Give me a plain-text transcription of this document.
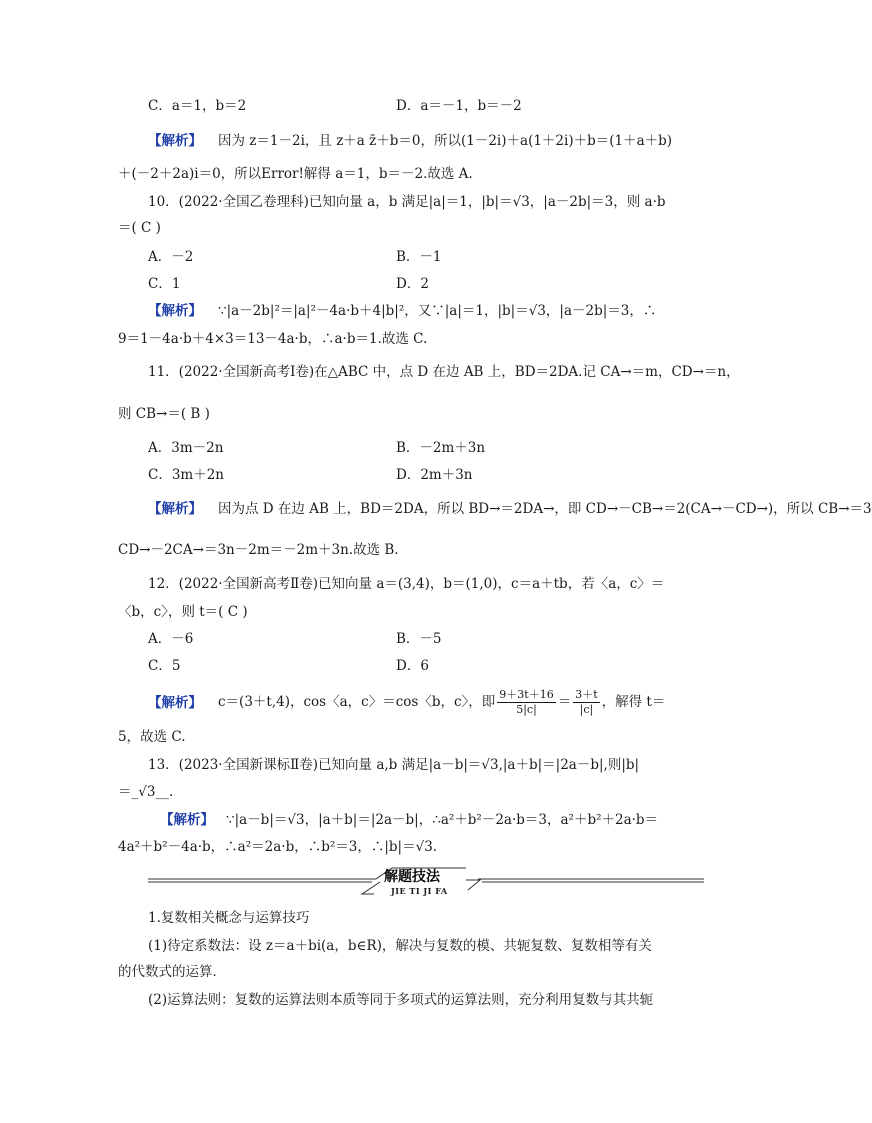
C．a＝1，b＝2	D．a＝－1，b＝－2
【解析】 因为 z＝1－2i，且 z＋a z̄＋b＝0，所以(1－2i)＋a(1＋2i)＋b＝(1＋a＋b)
＋(－2＋2a)i＝0，所以Error!解得 a＝1，b＝－2.故选 A.
10．(2022·全国乙卷理科)已知向量 a，b 满足|a|＝1，|b|＝√3，|a－2b|＝3，则 a·b
＝( C )
A．－2	B．－1
C．1	D．2
【解析】 ∵|a－2b|²＝|a|²－4a·b＋4|b|²，又∵|a|＝1，|b|＝√3，|a－2b|＝3，∴
9＝1－4a·b＋4×3＝13－4a·b，∴a·b＝1.故选 C.
11．(2022·全国新高考Ⅰ卷)在△ABC 中，点 D 在边 AB 上，BD＝2DA.记 CA→＝m，CD→＝n，
则 CB→＝( B )
A．3m－2n	B．－2m＋3n
C．3m＋2n	D．2m＋3n
【解析】 因为点 D 在边 AB 上，BD＝2DA，所以 BD→＝2DA→，即 CD→－CB→＝2(CA→－CD→)，所以 CB→＝3
CD→－2CA→＝3n－2m＝－2m＋3n.故选 B.
12．(2022·全国新高考Ⅱ卷)已知向量 a＝(3,4)，b＝(1,0)，c＝a＋tb，若〈a，c〉＝
〈b，c〉，则 t＝( C )
A．－6	B．－5
C．5	D．6
【解析】 c＝(3＋t,4)，cos〈a，c〉＝cos〈b，c〉，即 $\frac{9+3t+16}{5|c|} = \frac{3+t}{|c|}$ ，解得 t＝
5，故选 C.
13．(2023·全国新课标Ⅱ卷)已知向量 a,b 满足|a－b|＝√3,|a＋b|＝|2a－b|,则|b|
＝_√3__.
【解析】 ∵|a－b|＝√3，|a＋b|＝|2a－b|，∴a²＋b²－2a·b＝3，a²＋b²＋2a·b＝
4a²＋b²－4a·b，∴a²＝2a·b，∴b²＝3，∴|b|＝√3.
解题技法
JIE TI JI FA
1.复数相关概念与运算技巧
(1)待定系数法：设 z＝a＋bi(a，b∈R)，解决与复数的模、共轭复数、复数相等有关
的代数式的运算．
(2)运算法则：复数的运算法则本质等同于多项式的运算法则，充分利用复数与其共轭
